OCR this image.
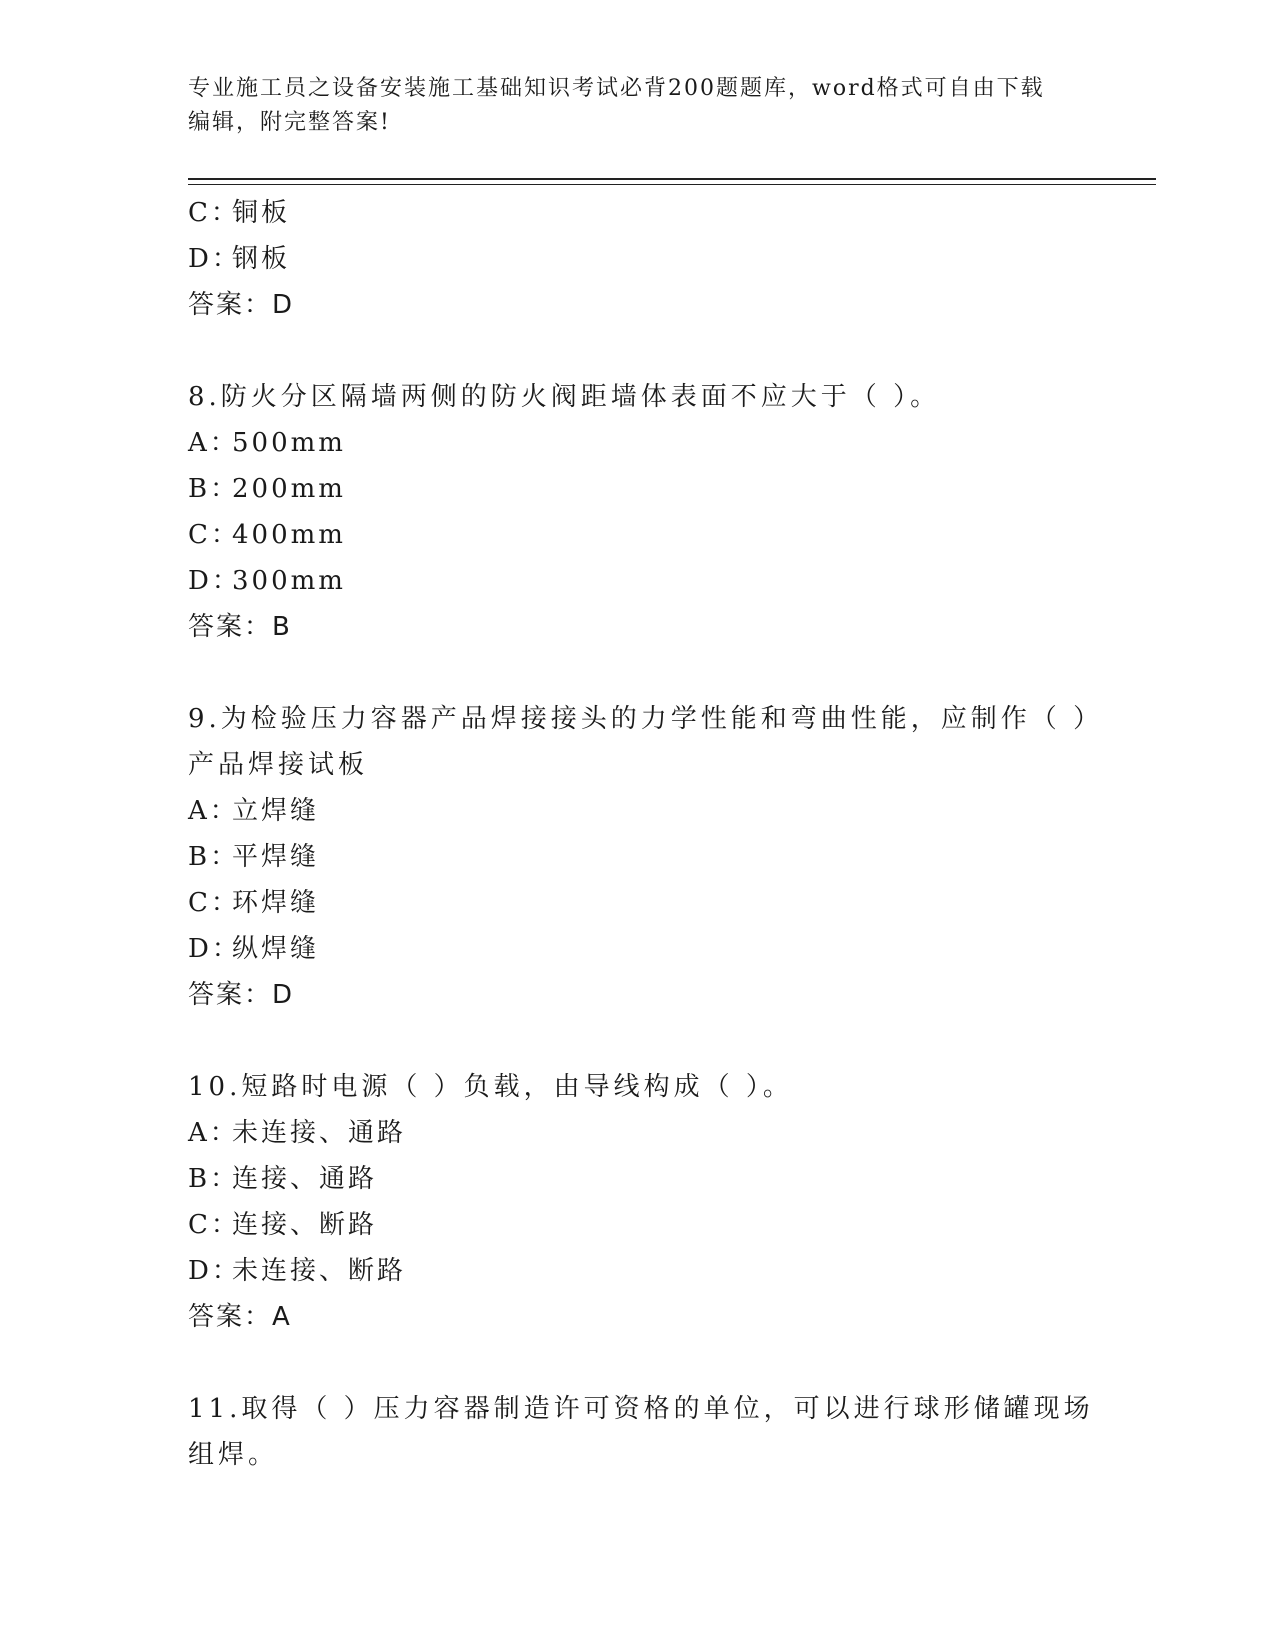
专业施工员之设备安装施工基础知识考试必背200题题库，word格式可自由下载
编辑，附完整答案!
C：铜板
D：钢板
答案：D
8.防火分区隔墙两侧的防火阀距墙体表面不应大于（ ）。
A：500mm
B：200mm
C：400mm
D：300mm
答案：B
9.为检验压力容器产品焊接接头的力学性能和弯曲性能，应制作（ ）
产品焊接试板
A：立焊缝
B：平焊缝
C：环焊缝
D：纵焊缝
答案：D
10.短路时电源（ ）负载，由导线构成（ ）。
A：未连接、通路
B：连接、通路
C：连接、断路
D：未连接、断路
答案：A
11.取得（ ）压力容器制造许可资格的单位，可以进行球形储罐现场
组焊。
